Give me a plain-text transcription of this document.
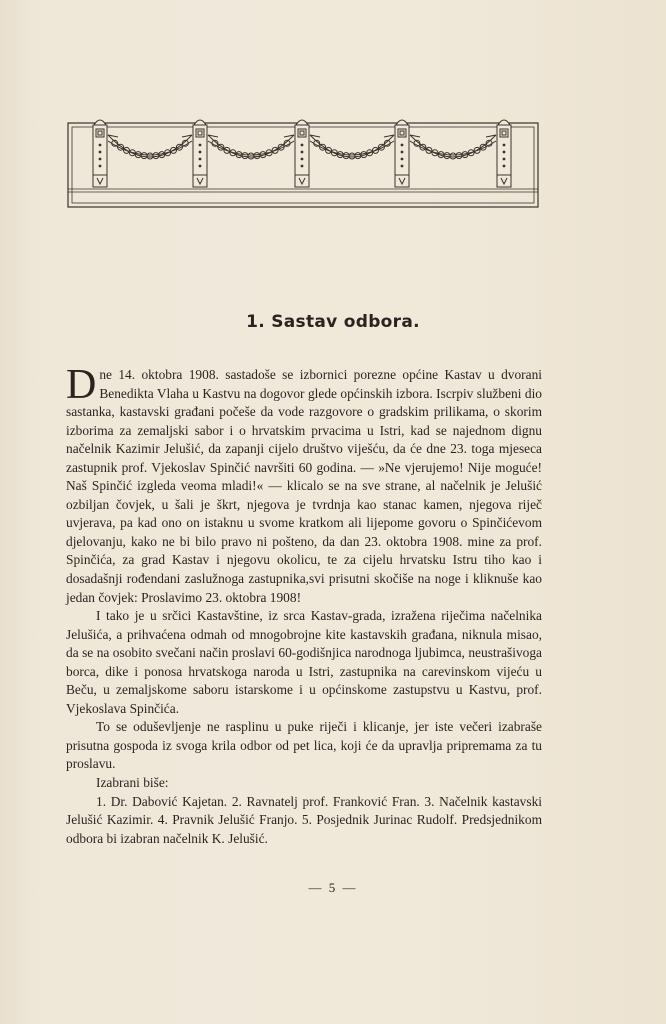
1. Sastav odbora.

Dne 14. oktobra 1908. sastadoše se izbornici porezne općine Kastav u dvorani Benedikta Vlaha u Kastvu na dogovor glede općinskih izbora. Iscrpiv službeni dio sastanka, kastavski građani počeše da vode razgovore o gradskim prilikama, o skorim izborima za zemaljski sabor i o hrvatskim prvacima u Istri, kad se najednom dignu načelnik Kazimir Jelušić, da zapanji cijelo društvo viješću, da će dne 23. toga mjeseca zastupnik prof. Vjekoslav Spinčić navršiti 60 godina. — »Ne vjerujemo! Nije moguće! Naš Spinčić izgleda veoma mladi!« — klicalo se na sve strane, al načelnik je Jelušić ozbiljan čovjek, u šali je škrt, njegova je tvrdnja kao stanac kamen, njegova riječ uvjerava, pa kad ono on istaknu u svome kratkom ali lijepome govoru o Spinčićevom djelovanju, kako ne bi bilo pravo ni pošteno, da dan 23. oktobra 1908. mine za prof. Spinčića, za grad Kastav i njegovu okolicu, te za cijelu hrvatsku Istru tiho kao i dosadašnji rođendani zaslužnoga zastupnika,svi prisutni skočiše na noge i kliknuše kao jedan čovjek: Proslavimo 23. oktobra 1908!

I tako je u srčici Kastavštine, iz srca Kastav-grada, izražena riječima načelnika Jelušića, a prihvaćena odmah od mnogobrojne kite kastavskih građana, niknula misao, da se na osobito svečani način proslavi 60-godišnjica narodnoga ljubimca, neustrašivoga borca, dike i ponosa hrvatskoga naroda u Istri, zastupnika na carevinskom vijeću u Beču, u zemaljskome saboru istarskome i u općinskome zastupstvu u Kastvu, prof. Vjekoslava Spinčića.

To se oduševljenje ne rasplinu u puke riječi i klicanje, jer iste večeri izabraše prisutna gospoda iz svoga krila odbor od pet lica, koji će da upravlja pripremama za tu proslavu.

Izabrani biše:

1. Dr. Dabović Kajetan. 2. Ravnatelj prof. Franković Fran. 3. Načelnik kastavski Jelušić Kazimir. 4. Pravnik Jelušić Franjo. 5. Posjednik Jurinac Rudolf. Predsjednikom odbora bi izabran načelnik K. Jelušić.

— 5 —
